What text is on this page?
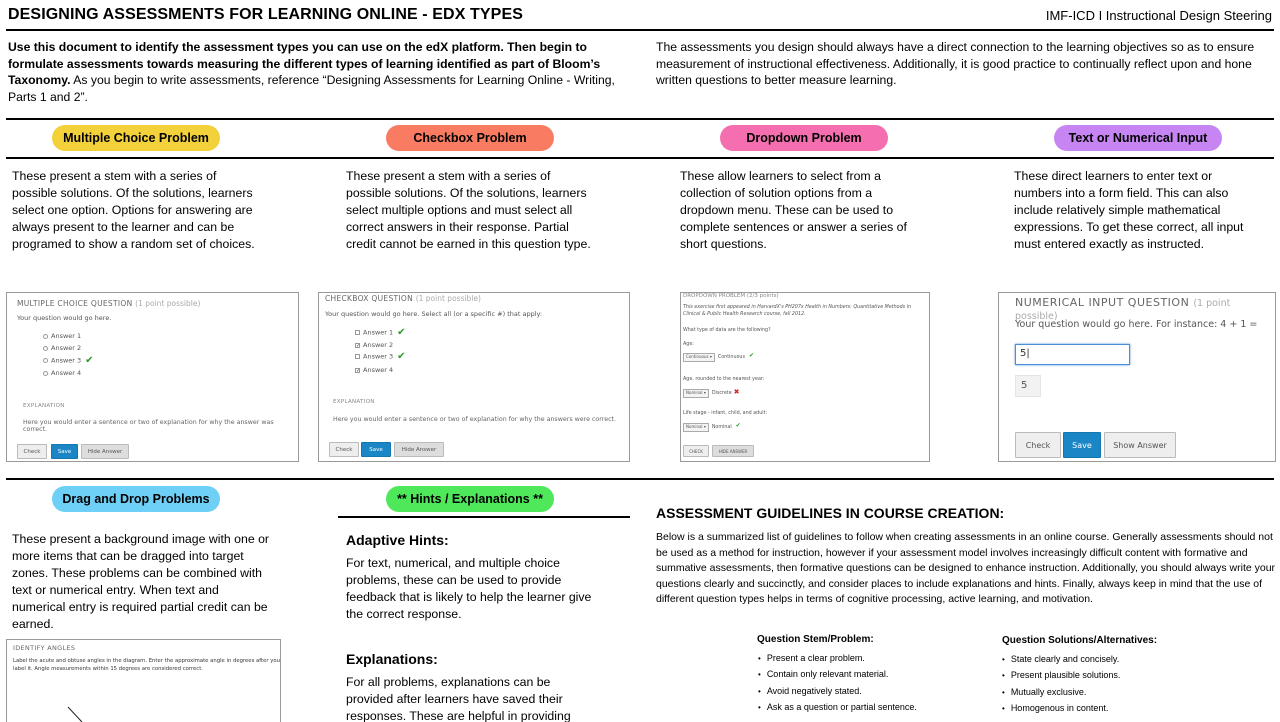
DESIGNING ASSESSMENTS FOR LEARNING ONLINE - EDX TYPES	IMF-ICD I Instructional Design Steering
Use this document to identify the assessment types you can use on the edX platform. Then begin to formulate assessments towards measuring the different types of learning identified as part of Bloom’s Taxonomy. As you begin to write assessments, reference “Designing Assessments for Learning Online - Writing, Parts 1 and 2”.
The assessments you design should always have a direct connection to the learning objectives so as to ensure measurement of instructional effectiveness. Additionally, it is good practice to continually reflect upon and hone written questions to better measure learning.
Multiple Choice Problem	Checkbox Problem	Dropdown Problem	Text or Numerical Input
These present a stem with a series of possible solutions. Of the solutions, learners select one option. Options for answering are always present to the learner and can be programed to show a random set of choices.
These present a stem with a series of possible solutions. Of the solutions, learners select multiple options and must select all correct answers in their response. Partial credit cannot be earned in this question type.
These allow learners to select from a collection of solution options from a dropdown menu. These can be used to complete sentences or answer a series of short questions.
These direct learners to enter text or numbers into a form field. This can also include relatively simple mathematical expressions. To get these correct, all input must entered exactly as instructed.
MULTIPLE CHOICE QUESTION (1 point possible)
Your question would go here.
Answer 1
Answer 2
Answer 3 ✔
Answer 4
EXPLANATION
Here you would enter a sentence or two of explanation for why the answer was correct.
Check	Save	Hide Answer
CHECKBOX QUESTION (1 point possible)
Your question would go here. Select all (or a specific #) that apply:
Answer 1 ✔
✓ Answer 2
Answer 3 ✔
✓ Answer 4
EXPLANATION
Here you would enter a sentence or two of explanation for why the answers were correct.
Check	Save	Hide Answer
DROPDOWN PROBLEM (2/3 points)
This exercise first appeared in HarvardX's PH207x Health in Numbers: Quantitative Methods in Clinical & Public Health Research course, fall 2012.
What type of data are the following?
Age:
Continuous ▾ Continuous ✔
Age, rounded to the nearest year:
Nominal ▾ Discrete ✖
Life stage - infant, child, and adult:
Nominal ▾ Nominal ✔
CHECK	HIDE ANSWER
NUMERICAL INPUT QUESTION (1 point possible)
Your question would go here. For instance: 4 + 1 =
5|
5
Check	Save	Show Answer
Drag and Drop Problems	** Hints / Explanations **
These present a background image with one or more items that can be dragged into target zones. These problems can be combined with text or numerical entry. When text and numerical entry is required partial credit can be earned.
IDENTIFY ANGLES
Label the acute and obtuse angles in the diagram. Enter the approximate angle in degrees after you label it. Angle measurements within 15 degrees are considered correct.
Adaptive Hints:
For text, numerical, and multiple choice problems, these can be used to provide feedback that is likely to help the learner give the correct response.
Explanations:
For all problems, explanations can be provided after learners have saved their responses. These are helpful in providing
ASSESSMENT GUIDELINES IN COURSE CREATION:
Below is a summarized list of guidelines to follow when creating assessments in an online course. Generally assessments should not be used as a method for instruction, however if your assessment model involves increasingly difficult content with formative and summative assessments, then formative questions can be designed to enhance instruction. Additionally, you should always write your questions clearly and succinctly, and consider places to include explanations and hints. Finally, always keep in mind that the use of different question types helps in terms of cognitive processing, active learning, and motivation.
Question Stem/Problem:
• Present a clear problem.
• Contain only relevant material.
• Avoid negatively stated.
• Ask as a question or partial sentence.
Question Solutions/Alternatives:
• State clearly and concisely.
• Present plausible solutions.
• Mutually exclusive.
• Homogenous in content.
